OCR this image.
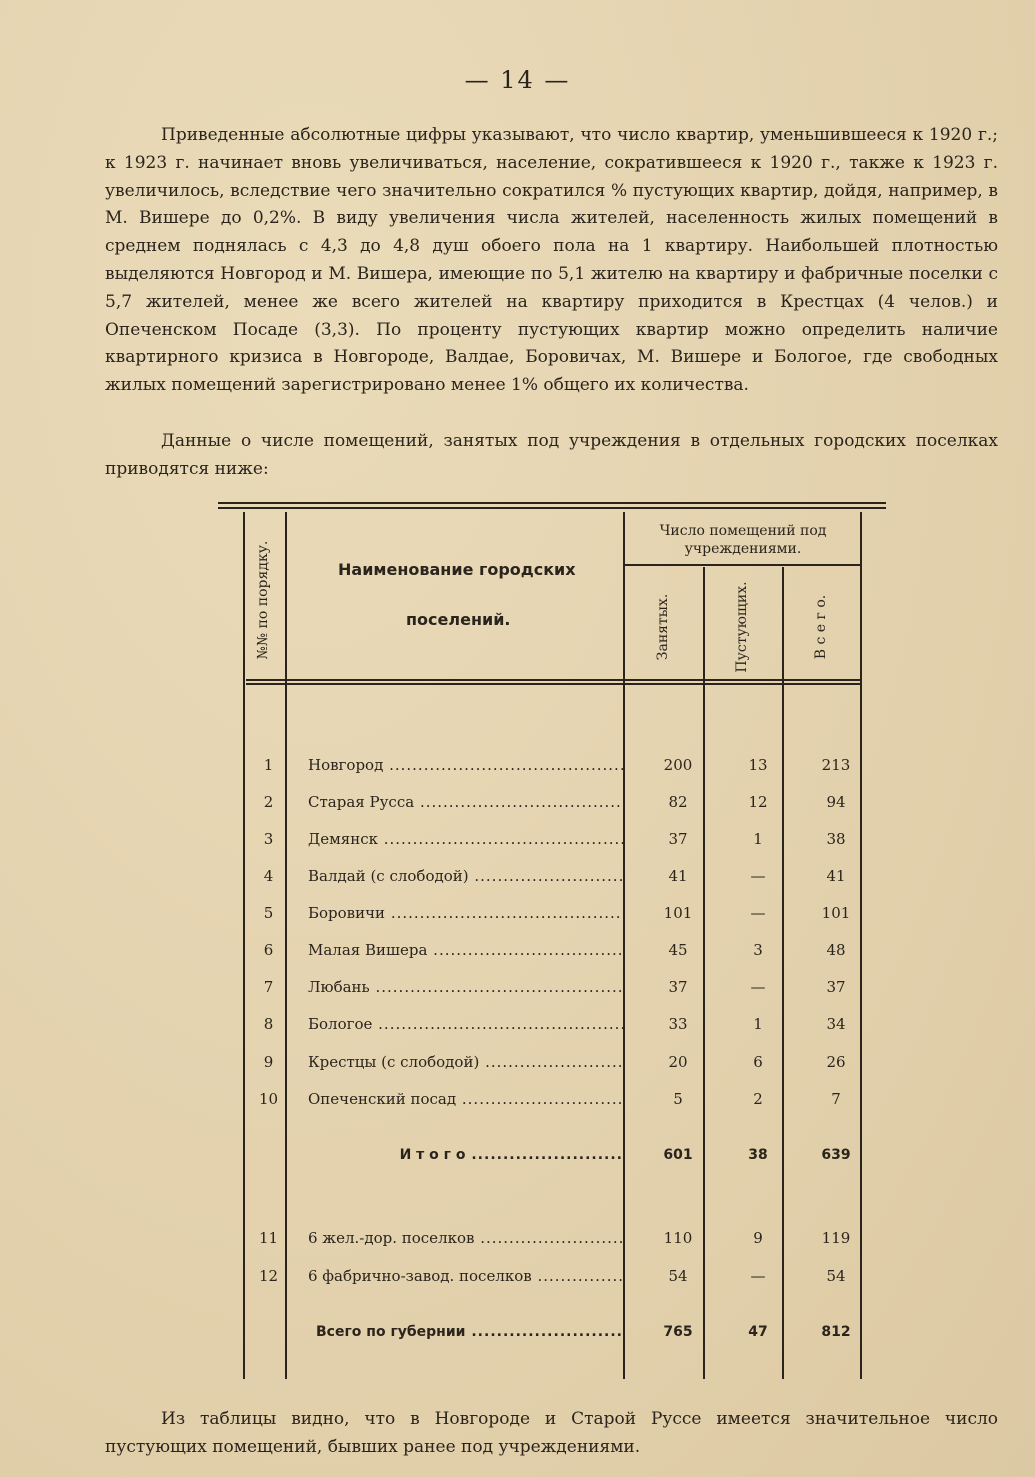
— 14 —

Приведенные абсолютные цифры указывают, что число квартир, уменьшившееся к 1920 г.; к 1923 г. начинает вновь увеличиваться, население, сократившееся к 1920 г., также к 1923 г. увеличилось, вследствие чего значительно сократился % пустующих квартир, дойдя, например, в М. Вишере до 0,2%. В виду увеличения числа жителей, населенность жилых помещений в среднем поднялась с 4,3 до 4,8 душ обоего пола на 1 квартиру. Наибольшей плотностью выделяются Новгород и М. Вишера, имеющие по 5,1 жителю на квартиру и фабричные поселки с 5,7 жителей, менее же всего жителей на квартиру приходится в Крестцах (4 челов.) и Опеченском Посаде (3,3). По проценту пустующих квартир можно определить наличие квартирного кризиса в Новгороде, Валдае, Боровичах, М. Вишере и Бологое, где свободных жилых помещений зарегистрировано менее 1% общего их количества.

Данные о числе помещений, занятых под учреждения в отдельных городских поселках приводятся ниже:

№№ по порядку.	Наименование городских
поселений.
Число помещений под учреждениями.
Занятых.	Пустующих.	В с е г о.
1	Новгород .....	200	13	213
2	Старая Русса .....	82	12	94
3	Демянск .....	37	1	38
4	Валдай (с слободой) .....	41	—	41
5	Боровичи .....	101	—	101
6	Малая Вишера .....	45	3	48
7	Любань .....	37	—	37
8	Бологое .....	33	1	34
9	Крестцы (с слободой) .....	20	6	26
10	Опеченский посад .....	5	2	7
И т о г о .....	601	38	639
11	6 жел.-дор. поселков .....	110	9	119
12	6 фабрично-завод. поселков .....	54	—	54
Всего по губернии .....	765	47	812

Из таблицы видно, что в Новгороде и Старой Руссе имеется значительное число пустующих помещений, бывших ранее под учреждениями.
